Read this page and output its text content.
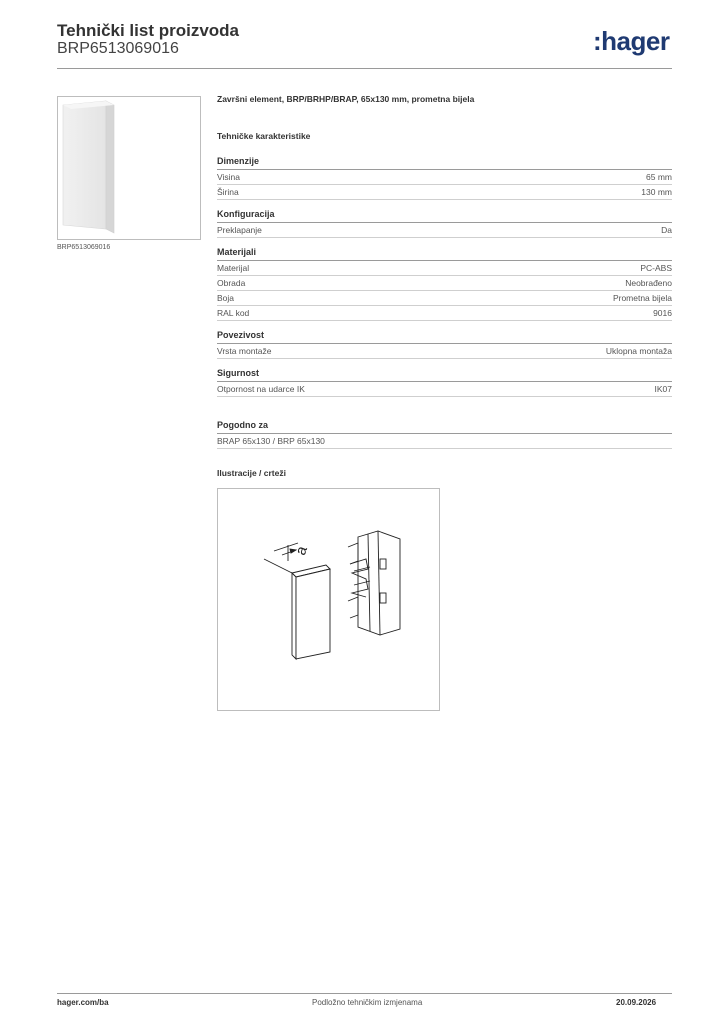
Tehnički list proizvoda
BRP6513069016	:hager
BRP6513069016
Završni element, BRP/BRHP/BRAP, 65x130 mm, prometna bijela
Tehničke karakteristike
Dimenzije
Visina	65 mm
Širina	130 mm
Konfiguracija
Preklapanje	Da
Materijali
Materijal	PC-ABS
Obrada	Neobrađeno
Boja	Prometna bijela
RAL kod	9016
Povezivost
Vrsta montaže	Uklopna montaža
Sigurnost
Otpornost na udarce IK	IK07
Pogodno za
BRAP 65x130 / BRP 65x130
Ilustracije / crteži
a
hager.com/ba	Podložno tehničkim izmjenama	20.09.2026
